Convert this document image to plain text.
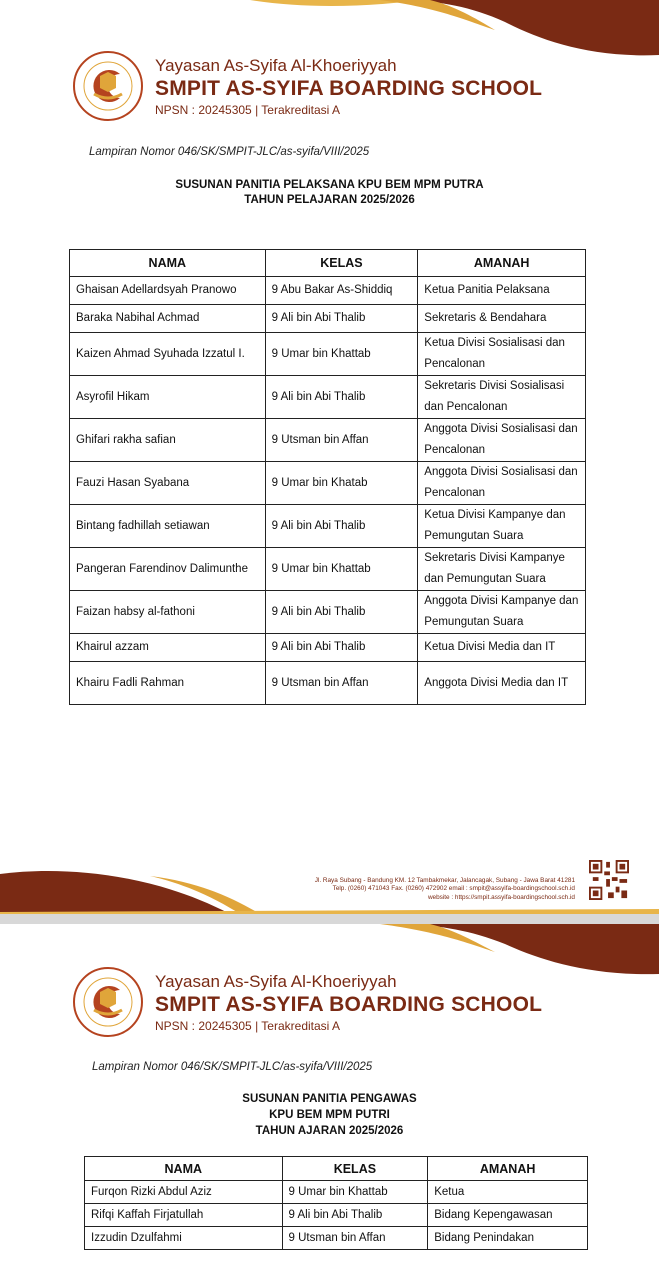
Yayasan As-Syifa Al-Khoeriyyah
SMPIT AS-SYIFA BOARDING SCHOOL
NPSN : 20245305 | Terakreditasi A
Lampiran Nomor 046/SK/SMPIT-JLC/as-syifa/VIII/2025
SUSUNAN PANITIA PELAKSANA KPU BEM MPM PUTRA
TAHUN PELAJARAN 2025/2026
NAMA	KELAS	AMANAH
Ghaisan Adellardsyah Pranowo	9 Abu Bakar As-Shiddiq	Ketua Panitia Pelaksana
Baraka Nabihal Achmad	9 Ali bin Abi Thalib	Sekretaris & Bendahara
Kaizen Ahmad Syuhada Izzatul I.	9 Umar bin Khattab	Ketua Divisi Sosialisasi dan Pencalonan
Asyrofil Hikam	9 Ali bin Abi Thalib	Sekretaris Divisi Sosialisasi dan Pencalonan
Ghifari rakha safian	9 Utsman bin Affan	Anggota Divisi Sosialisasi dan Pencalonan
Fauzi Hasan Syabana	9 Umar bin Khatab	Anggota Divisi Sosialisasi dan Pencalonan
Bintang fadhillah setiawan	9 Ali bin Abi Thalib	Ketua Divisi Kampanye dan Pemungutan Suara
Pangeran Farendinov Dalimunthe	9 Umar bin Khattab	Sekretaris Divisi Kampanye dan Pemungutan Suara
Faizan habsy al-fathoni	9 Ali bin Abi Thalib	Anggota Divisi Kampanye dan Pemungutan Suara
Khairul azzam	9 Ali bin Abi Thalib	Ketua Divisi Media dan IT
Khairu Fadli Rahman	9 Utsman bin Affan	Anggota Divisi Media dan IT
Jl. Raya Subang - Bandung KM. 12 Tambakmekar, Jalancagak, Subang - Jawa Barat 41281
Telp. (0260) 471043 Fax. (0260) 472902 email : smpit@assyifa-boardingschool.sch.id
website : https://smpit.assyifa-boardingschool.sch.id
Yayasan As-Syifa Al-Khoeriyyah
SMPIT AS-SYIFA BOARDING SCHOOL
NPSN : 20245305 | Terakreditasi A
Lampiran Nomor 046/SK/SMPIT-JLC/as-syifa/VIII/2025
SUSUNAN PANITIA PENGAWAS
KPU BEM MPM PUTRI
TAHUN AJARAN 2025/2026
NAMA	KELAS	AMANAH
Furqon Rizki Abdul Aziz	9 Umar bin Khattab	Ketua
Rifqi Kaffah Firjatullah	9 Ali bin Abi Thalib	Bidang Kepengawasan
Izzudin Dzulfahmi	9 Utsman bin Affan	Bidang Penindakan
